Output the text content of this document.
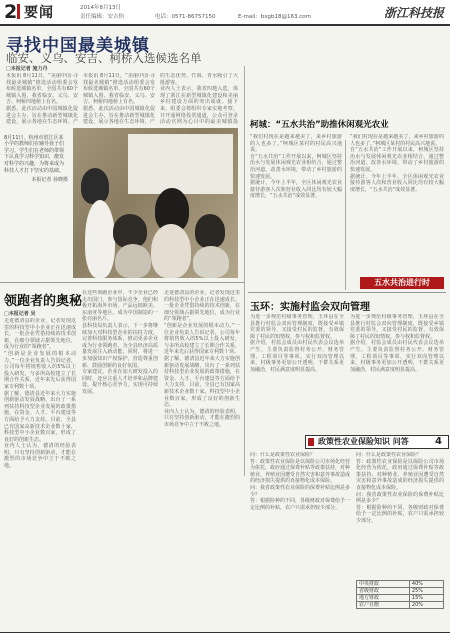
2 要闻	2014年8月13日
责任编辑：安吉怡	电话：0571-86757150	E-mail：bxgb18@163.com	浙江科技报
寻找中国最美城镇
临安、义乌、安吉、柯桥入选候选名单
□本报记者 施力丹
本报讯 8月11日，“美丽中国·寻找最美城镇”推选活动组委会发布候选城镇名单，全国共有60个城镇入围，我省临安、义乌、安吉、柯桥四地榜上有名。
据悉，此次活动由中国城镇化促进会主办，旨在推动新型城镇化建设，展示各地在生态环境、产

本报讯 8月11日，“美丽中国·寻找最美城镇”推选活动组委会发布候选城镇名单，全国共有60个城镇入围，我省临安、义乌、安吉、柯桥四地榜上有名。
据悉，此次活动由中国城镇化促进会主办，旨在推动新型城镇化建设，展示各地在生态环境、产

的生态优势，竹海、青水吸引了大批游客。
业内人士表示，我省四地入选，体现了浙江在新型城镇化建设和美丽乡村建设方面的突出成就。接下来，组委会将组织专家实地考察，并开通网络投票通道，公众可登录活动官网为心目中的最美城镇投

8月11日，杭州市滨江区某小学的教师们在辅导孩子们学习。学生们在老师的带领下认真学习科学知识，激发对科学的兴趣，为将来成为科技人才打下坚实的基础。

本报记者 孙晓摄

领跑者的奥秘
□本报记者 吴
走进德清县的企业，记者发现这里的科技型中小企业正在迅速成长。一批企业凭借持续的技术创新，在细分领域占据领先地位，成为行业的“领跑者”。
“创新是企业发展的根本动力。”一位企业负责人告诉记者，公司每年将销售收入的5%以上投入研发，与多所高校建立了长期合作关系，近年来先后获得国家专利数十项。
据了解，德清县近年来大力实施创新驱动发展战略，出台了一系列扶持科技型企业发展的政策措施，在资金、人才、平台建设等方面给予大力支持。目前，全县已有国家高新技术企业数十家，科技型中小企业数百家，形成了良好的创新生态。
业内人士认为，德清的经验表明，只有坚持创新驱动，才能在激烈的市场竞争中立于不败之地。
在这些领跑企业中，不少企业已经走出国门，参与国际竞争。他们积极开拓海外市场，产品远销欧美、东南亚等地区，成为中国制造的一张亮丽名片。
县科技局负责人表示，下一步将继续加大对科技型企业的扶持力度，完善科技服务体系，推动更多企业成为行业领跑者，为全县经济高质量发展注入新动能。同时，将进一步加强知识产权保护，营造尊重创新、鼓励创新的良好氛围。
专家建议，企业在加大研发投入的同时，还应注重人才培养和品牌建设，提升核心竞争力，实现可持续发展。
走进德清县的企业，记者发现这里的科技型中小企业正在迅速成长。一批企业凭借持续的技术创新，在细分领域占据领先地位，成为行业的“领跑者”。
“创新是企业发展的根本动力。”一位企业负责人告诉记者，公司每年将销售收入的5%以上投入研发，与多所高校建立了长期合作关系，近年来先后获得国家专利数十项。
据了解，德清县近年来大力实施创新驱动发展战略，出台了一系列扶持科技型企业发展的政策措施，在资金、人才、平台建设等方面给予大力支持。目前，全县已有国家高新技术企业数十家，科技型中小企业数百家，形成了良好的创新生态。
业内人士认为，德清的经验表明，只有坚持创新驱动，才能在激烈的市场竞争中立于不败之地。
柯城：“五水共治”助推休闲观光农业
“我们村现在是越来越美了，来乡村旅游的人也多了。”柯城区某村的村民高兴地说。
自“五水共治”工作开展以来，柯城区坚持治水与发展休闲观光农业相结合，通过整治河道、改善水环境，带动了乡村旅游的快速发展。
据统计，今年上半年，全区休闲观光农业接待游客人次和营业收入同比均有较大幅度增长，“五水共治”成效显著。
“我们村现在是越来越美了，来乡村旅游的人也多了。”柯城区某村的村民高兴地说。
自“五水共治”工作开展以来，柯城区坚持治水与发展休闲观光农业相结合，通过整治河道、改善水环境，带动了乡村旅游的快速发展。
据统计，今年上半年，全区休闲观光农业接待游客人次和营业收入同比均有较大幅度增长，“五水共治”成效显著。
五水共治进行时
玉环：实施村监会双向管理
为进一步规范村级事务管理，玉环县在全县推行村监会双向管理制度，既接受乡镇党委的领导，又接受村民的监督，有效保障了村民的知情权、参与权和监督权。
据介绍，村监会成员由村民代表会议选举产生，主要负责监督村务公开、财务管理、工程项目等事项。实行双向管理以来，村级事务更加公开透明，干群关系更加融洽，村民满意度明显提高。
为进一步规范村级事务管理，玉环县在全县推行村监会双向管理制度，既接受乡镇党委的领导，又接受村民的监督，有效保障了村民的知情权、参与权和监督权。
据介绍，村监会成员由村民代表会议选举产生，主要负责监督村务公开、财务管理、工程项目等事项。实行双向管理以来，村级事务更加公开透明，干群关系更加融洽，村民满意度明显提高。
政策性农业保险知识 问答	4
问：什么是政策性农业保险？
答：政策性农业保险是以保险公司市场化经营为依托，政府通过保费补贴等政策扶持，对种植业、养殖业因遭受自然灾害和意外事故造成的经济损失提供的直接物化成本保险。
问：我省政策性农业保险的保费补贴比例是多少？
答：根据险种的不同，各级财政对保费给予一定比例的补贴，农户只需承担较少部分。
问：什么是政策性农业保险？
答：政策性农业保险是以保险公司市场化经营为依托，政府通过保费补贴等政策扶持，对种植业、养殖业因遭受自然灾害和意外事故造成的经济损失提供的直接物化成本保险。
问：我省政策性农业保险的保费补贴比例是多少？
答：根据险种的不同，各级财政对保费给予一定比例的补贴，农户只需承担较少部分。
中央财政	40%
省级财政	25%
地方财政	15%
农户自缴	20%
